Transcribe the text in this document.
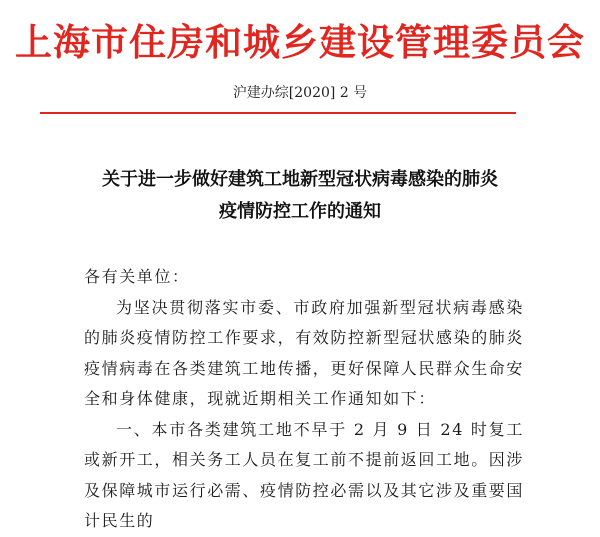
上海市住房和城乡建设管理委员会
沪建办综[2020] 2 号
关于进一步做好建筑工地新型冠状病毒感染的肺炎
疫情防控工作的通知

各有关单位：

为坚决贯彻落实市委、市政府加强新型冠状病毒感染的肺炎疫情防控工作要求，有效防控新型冠状感染的肺炎疫情病毒在各类建筑工地传播，更好保障人民群众生命安全和身体健康，现就近期相关工作通知如下：

一、本市各类建筑工地不早于 2 月 9 日 24 时复工或新开工，相关务工人员在复工前不提前返回工地。因涉及保障城市运行必需、疫情防控必需以及其它涉及重要国计民生的
